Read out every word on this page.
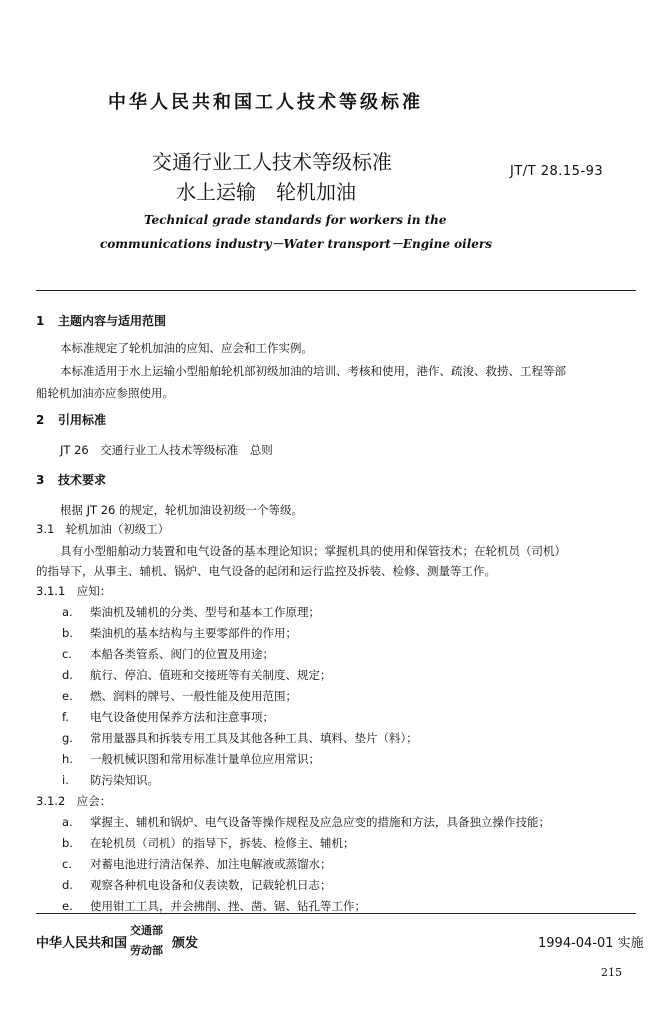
中华人民共和国工人技术等级标准
交通行业工人技术等级标准
水上运输　轮机加油
JT/T 28.15-93
Technical grade standards for workers in the
communications industry－Water transport－Engine oilers
1 主题内容与适用范围
本标准规定了轮机加油的应知、应会和工作实例。
本标准适用于水上运输小型船舶轮机部初级加油的培训、考核和使用，港作、疏浚、救捞、工程等部
船轮机加油亦应参照使用。
2 引用标准
JT 26　交通行业工人技术等级标准　总则
3 技术要求
根据 JT 26 的规定，轮机加油设初级一个等级。
3.1　轮机加油（初级工）
具有小型船舶动力装置和电气设备的基本理论知识；掌握机具的使用和保管技术；在轮机员（司机）
的指导下，从事主、辅机、锅炉、电气设备的起闭和运行监控及拆装、检修、测量等工作。
3.1.1　应知：
a. 柴油机及辅机的分类、型号和基本工作原理；
b. 柴油机的基本结构与主要零部件的作用；
c. 本船各类管系、阀门的位置及用途；
d. 航行、停泊、值班和交接班等有关制度、规定；
e. 燃、润料的牌号、一般性能及使用范围；
f. 电气设备使用保养方法和注意事项；
g. 常用量器具和拆装专用工具及其他各种工具、填料、垫片（料）；
h. 一般机械识图和常用标准计量单位应用常识；
i. 防污染知识。
3.1.2　应会：
a. 掌握主、辅机和锅炉、电气设备等操作规程及应急应变的措施和方法，具备独立操作技能；
b. 在轮机员（司机）的指导下，拆装、检修主、辅机；
c. 对蓄电池进行清洁保养、加注电解液或蒸馏水；
d. 观察各种机电设备和仪表读数，记载轮机日志；
e. 使用钳工工具，并会拂削、挫、凿、锯、钻孔等工作；
中华人民共和国
交通部
劳动部 颁发	1994-04-01 实施
215
